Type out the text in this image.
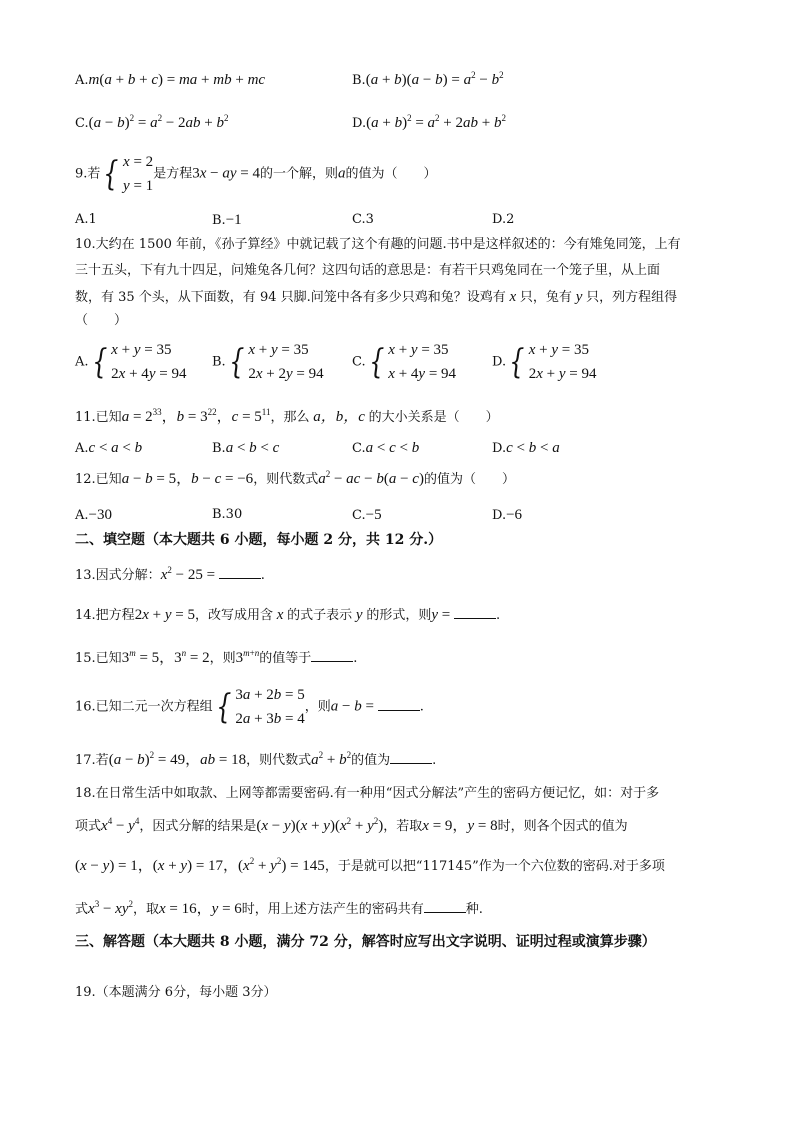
A.m(a + b + c) = ma + mb + mc	$B.(a + b)(a - b) = a^2 - b^2$
$C.(a - b)^2 = a^2 - 2ab + b^2$	$D.(a + b)^2 = a^2 + 2ab + b^2$
9.若 { x = 2
y = 1
是方程3x − ay = 4的一个解，则a的值为（　　）
A.1	B.−1	C.3	D.2
10.大约在 1500 年前，《孙子算经》中就记载了这个有趣的问题.书中是这样叙述的：今有雉兔同笼，上有
三十五头，下有九十四足，问雉兔各几何？这四句话的意思是：有若干只鸡兔同在一个笼子里，从上面
数，有 35 个头，从下面数，有 94 只脚.问笼中各有多少只鸡和兔？设鸡有 x 只，兔有 y 只，列方程组得
（　　）
A. { x + y = 35
2x + 4y = 94
B. { x + y = 35
2x + 2y = 94
C. { x + y = 35
x + 4y = 94
D. { x + y = 35
2x + y = 94
11.已知$a = 2^{33}$，$b = 3^{22}$，$c = 5^{11}$，那么 a，b，c 的大小关系是（　　）
A.c < a < b	B.a < b < c	C.a < c < b	D.c < b < a
12.已知a − b = 5，b − c = −6，则代数式$a^2$ − ac − b(a − c)的值为（　　）
A.−30	B.30	C.−5	D.−6
二、填空题（本大题共 6 小题，每小题 2 分，共 12 分.）
13.因式分解：$x^2 - 25$ =	.
14.把方程2x + y = 5，改写成用含 x 的式子表示 y 的形式，则y =	.
15.已知$3^m = 5$，$3^n = 2$，则$3^{m+n}$的值等于	.
16.已知二元一次方程组 { 3a + 2b = 5
2a + 3b = 4
，则a − b =	.
17.若$(a - b)^2 = 49$，ab = 18，则代数式$a^2 + b^2$的值为	.
18.在日常生活中如取款、上网等都需要密码.有一种用“因式分解法”产生的密码方便记忆，如：对于多
项式$x^4 - y^4$，因式分解的结果是$(x - y)(x + y)(x^2 + y^2)$，若取x = 9，y = 8时，则各个因式的值为
(x − y) = 1，(x + y) = 17，$(x^2 + y^2) = 145$，于是就可以把“117145”作为一个六位数的密码.对于多项
式$x^3 - xy^2$，取x = 16，y = 6时，用上述方法产生的密码共有	种.
三、解答题（本大题共 8 小题，满分 72 分，解答时应写出文字说明、证明过程或演算步骤）
19.（本题满分 6分，每小题 3分）
